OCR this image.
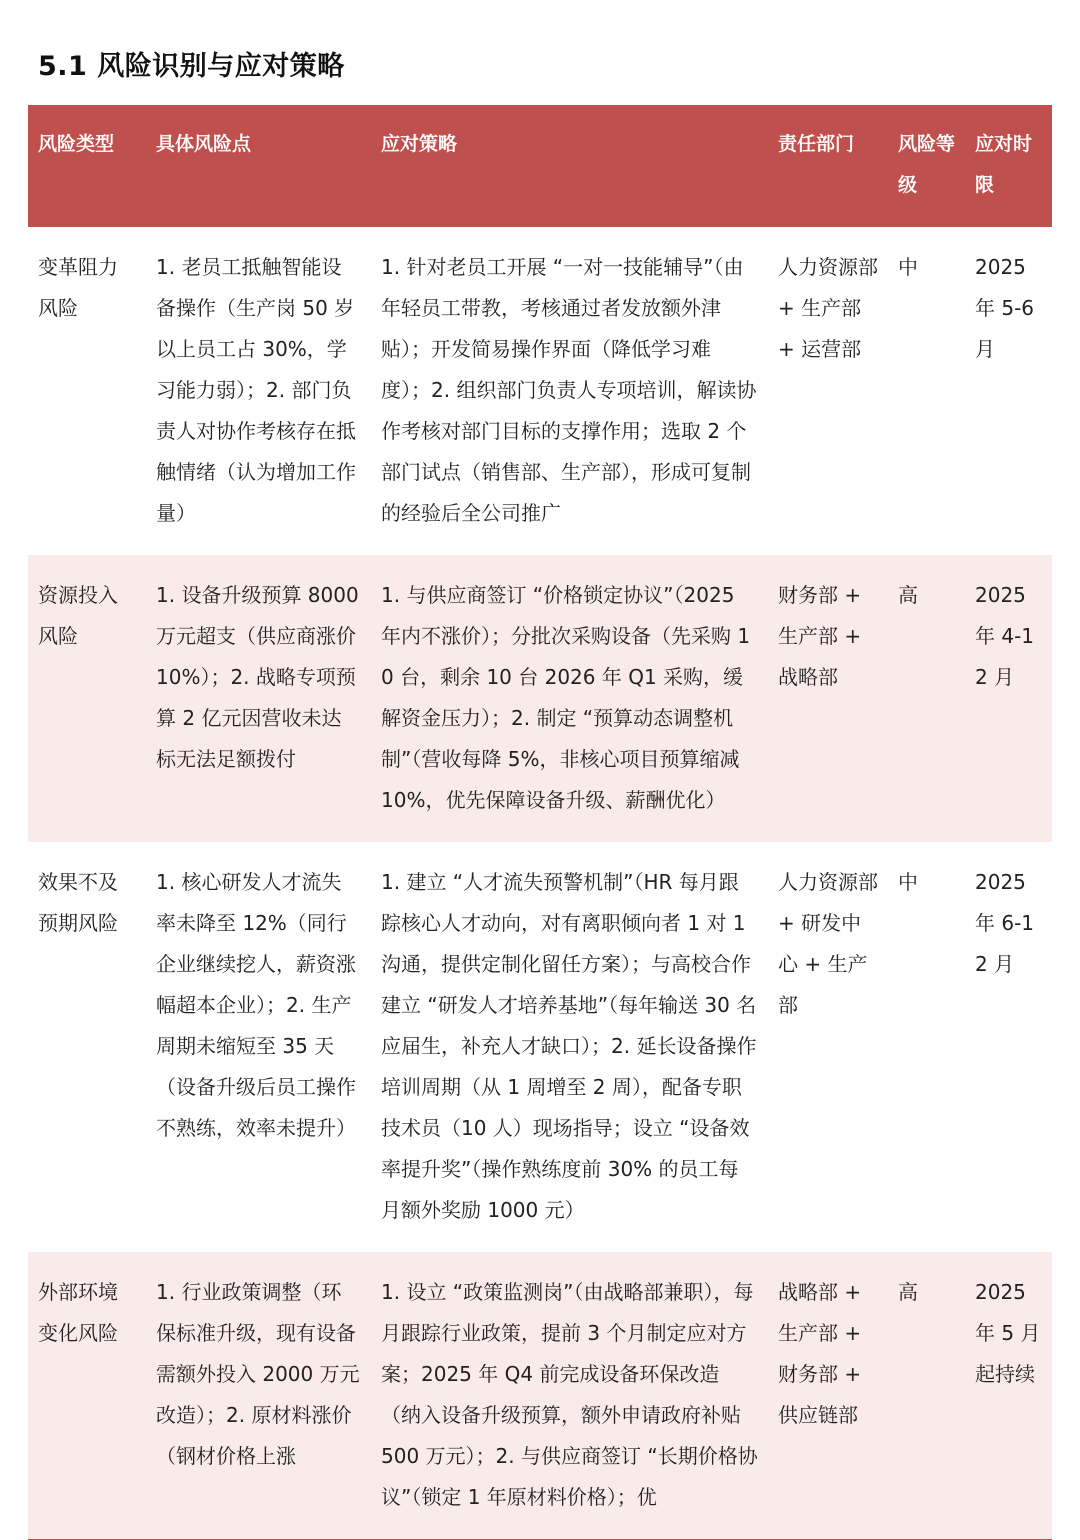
5.1 风险识别与应对策略
风险类型	具体风险点	应对策略	责任部门	风险等级	应对时限
变革阻力风险	1. 老员工抵触智能设备操作（生产岗 50 岁以上员工占 30%，学习能力弱）；2. 部门负责人对协作考核存在抵触情绪（认为增加工作量）	1. 针对老员工开展 “一对一技能辅导”（由年轻员工带教，考核通过者发放额外津贴）；开发简易操作界面（降低学习难度）；2. 组织部门负责人专项培训，解读协作考核对部门目标的支撑作用；选取 2 个部门试点（销售部、生产部），形成可复制的经验后全公司推广	人力资源部 + 生产部 + 运营部	中	2025 年 5-6 月
资源投入风险	1. 设备升级预算 8000 万元超支（供应商涨价 10%）；2. 战略专项预算 2 亿元因营收未达标无法足额拨付	1. 与供应商签订 “价格锁定协议”（2025 年内不涨价）；分批次采购设备（先采购 10 台，剩余 10 台 2026 年 Q1 采购，缓解资金压力）；2. 制定 “预算动态调整机制”（营收每降 5%，非核心项目预算缩减 10%，优先保障设备升级、薪酬优化）	财务部 + 生产部 + 战略部	高	2025 年 4-12 月
效果不及预期风险	1. 核心研发人才流失率未降至 12%（同行企业继续挖人，薪资涨幅超本企业）；2. 生产周期未缩短至 35 天（设备升级后员工操作不熟练，效率未提升）	1. 建立 “人才流失预警机制”（HR 每月跟踪核心人才动向，对有离职倾向者 1 对 1 沟通，提供定制化留任方案）；与高校合作建立 “研发人才培养基地”（每年输送 30 名应届生，补充人才缺口）；2. 延长设备操作培训周期（从 1 周增至 2 周），配备专职技术员（10 人）现场指导；设立 “设备效率提升奖”（操作熟练度前 30% 的员工每月额外奖励 1000 元）	人力资源部 + 研发中心 + 生产部	中	2025 年 6-12 月

外部环境变化风险	1. 行业政策调整（环保标准升级，现有设备需额外投入 2000 万元改造）；2. 原材料涨价（钢材价格上涨	1. 设立 “政策监测岗”（由战略部兼职），每月跟踪行业政策，提前 3 个月制定应对方案；2025 年 Q4 前完成设备环保改造（纳入设备升级预算，额外申请政府补贴 500 万元）；2. 与供应商签订 “长期价格协议”（锁定 1 年原材料价格）；优	战略部 + 生产部 + 财务部 + 供应链部	高	2025 年 5 月起持续
